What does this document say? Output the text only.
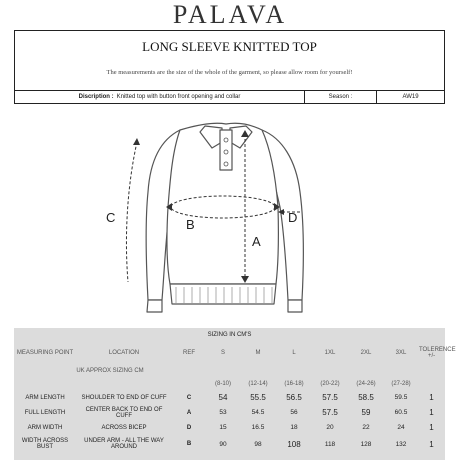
PALAVA
LONG SLEEVE KNITTED TOP
The measurements are the size of the whole of the garment, so please allow room for yourself!
Discription : Knitted top with button front opening and collar	Season :	AW19
C	B
A
D
SIZING IN CM'S									
MEASURING POINT	LOCATION	REF	S	M	L	1XL	2XL	3XL	TOLERENCE +/-
UK APPROX SIZING CM									
			(8-10)	(12-14)	(16-18)	(20-22)	(24-26)	(27-28)	
ARM LENGTH	SHOULDER TO END OF CUFF	C	54	55.5	56.5	57.5	58.5	59.5	1
FULL LENGTH	CENTER BACK TO END OF CUFF	A	53	54.5	56	57.5	59	60.5	1
ARM WIDTH	ACROSS BICEP	D	15	16.5	18	20	22	24	1
WIDTH ACROSS BUST	UNDER ARM - ALL THE WAY AROUND	B	90	98	108	118	128	132	1
